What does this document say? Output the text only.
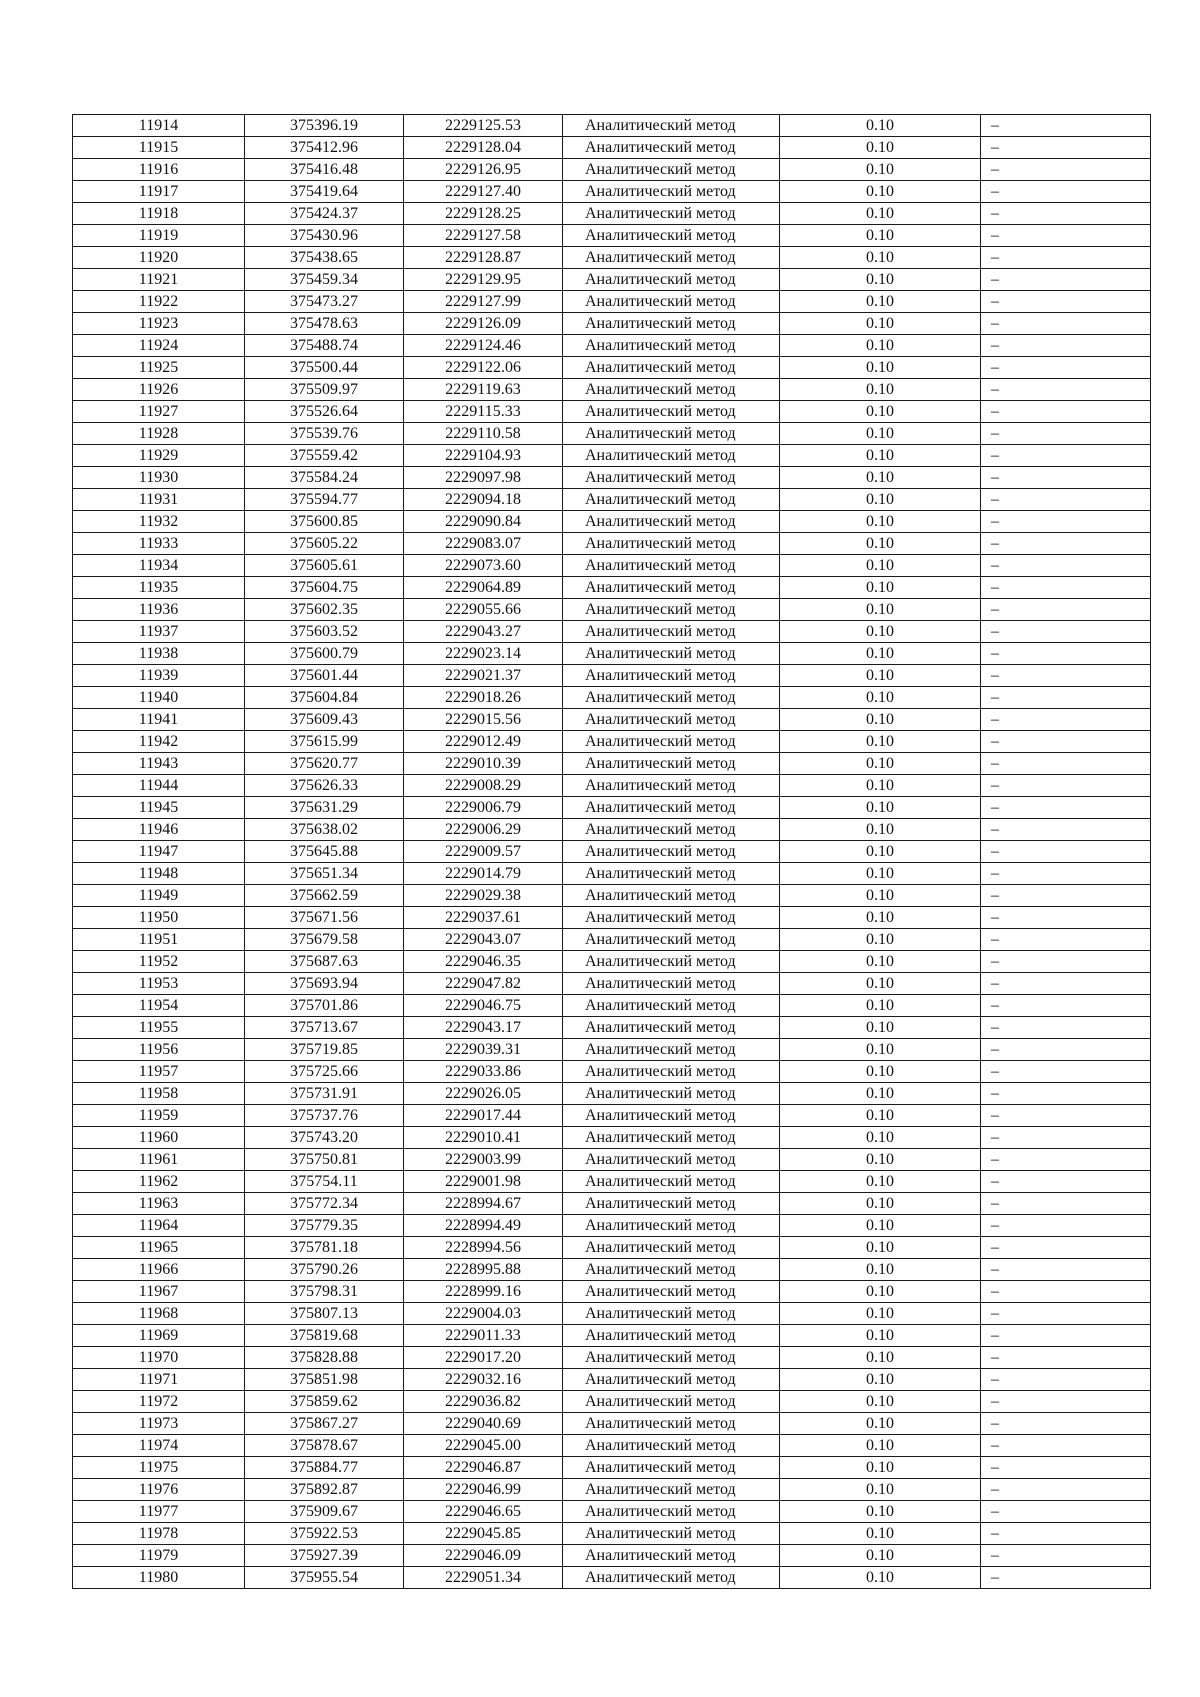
11914	375396.19	2229125.53	Аналитический метод	0.10	–
11915	375412.96	2229128.04	Аналитический метод	0.10	–
11916	375416.48	2229126.95	Аналитический метод	0.10	–
11917	375419.64	2229127.40	Аналитический метод	0.10	–
11918	375424.37	2229128.25	Аналитический метод	0.10	–
11919	375430.96	2229127.58	Аналитический метод	0.10	–
11920	375438.65	2229128.87	Аналитический метод	0.10	–
11921	375459.34	2229129.95	Аналитический метод	0.10	–
11922	375473.27	2229127.99	Аналитический метод	0.10	–
11923	375478.63	2229126.09	Аналитический метод	0.10	–
11924	375488.74	2229124.46	Аналитический метод	0.10	–
11925	375500.44	2229122.06	Аналитический метод	0.10	–
11926	375509.97	2229119.63	Аналитический метод	0.10	–
11927	375526.64	2229115.33	Аналитический метод	0.10	–
11928	375539.76	2229110.58	Аналитический метод	0.10	–
11929	375559.42	2229104.93	Аналитический метод	0.10	–
11930	375584.24	2229097.98	Аналитический метод	0.10	–
11931	375594.77	2229094.18	Аналитический метод	0.10	–
11932	375600.85	2229090.84	Аналитический метод	0.10	–
11933	375605.22	2229083.07	Аналитический метод	0.10	–
11934	375605.61	2229073.60	Аналитический метод	0.10	–
11935	375604.75	2229064.89	Аналитический метод	0.10	–
11936	375602.35	2229055.66	Аналитический метод	0.10	–
11937	375603.52	2229043.27	Аналитический метод	0.10	–
11938	375600.79	2229023.14	Аналитический метод	0.10	–
11939	375601.44	2229021.37	Аналитический метод	0.10	–
11940	375604.84	2229018.26	Аналитический метод	0.10	–
11941	375609.43	2229015.56	Аналитический метод	0.10	–
11942	375615.99	2229012.49	Аналитический метод	0.10	–
11943	375620.77	2229010.39	Аналитический метод	0.10	–
11944	375626.33	2229008.29	Аналитический метод	0.10	–
11945	375631.29	2229006.79	Аналитический метод	0.10	–
11946	375638.02	2229006.29	Аналитический метод	0.10	–
11947	375645.88	2229009.57	Аналитический метод	0.10	–
11948	375651.34	2229014.79	Аналитический метод	0.10	–
11949	375662.59	2229029.38	Аналитический метод	0.10	–
11950	375671.56	2229037.61	Аналитический метод	0.10	–
11951	375679.58	2229043.07	Аналитический метод	0.10	–
11952	375687.63	2229046.35	Аналитический метод	0.10	–
11953	375693.94	2229047.82	Аналитический метод	0.10	–
11954	375701.86	2229046.75	Аналитический метод	0.10	–
11955	375713.67	2229043.17	Аналитический метод	0.10	–
11956	375719.85	2229039.31	Аналитический метод	0.10	–
11957	375725.66	2229033.86	Аналитический метод	0.10	–
11958	375731.91	2229026.05	Аналитический метод	0.10	–
11959	375737.76	2229017.44	Аналитический метод	0.10	–
11960	375743.20	2229010.41	Аналитический метод	0.10	–
11961	375750.81	2229003.99	Аналитический метод	0.10	–
11962	375754.11	2229001.98	Аналитический метод	0.10	–
11963	375772.34	2228994.67	Аналитический метод	0.10	–
11964	375779.35	2228994.49	Аналитический метод	0.10	–
11965	375781.18	2228994.56	Аналитический метод	0.10	–
11966	375790.26	2228995.88	Аналитический метод	0.10	–
11967	375798.31	2228999.16	Аналитический метод	0.10	–
11968	375807.13	2229004.03	Аналитический метод	0.10	–
11969	375819.68	2229011.33	Аналитический метод	0.10	–
11970	375828.88	2229017.20	Аналитический метод	0.10	–
11971	375851.98	2229032.16	Аналитический метод	0.10	–
11972	375859.62	2229036.82	Аналитический метод	0.10	–
11973	375867.27	2229040.69	Аналитический метод	0.10	–
11974	375878.67	2229045.00	Аналитический метод	0.10	–
11975	375884.77	2229046.87	Аналитический метод	0.10	–
11976	375892.87	2229046.99	Аналитический метод	0.10	–
11977	375909.67	2229046.65	Аналитический метод	0.10	–
11978	375922.53	2229045.85	Аналитический метод	0.10	–
11979	375927.39	2229046.09	Аналитический метод	0.10	–
11980	375955.54	2229051.34	Аналитический метод	0.10	–
